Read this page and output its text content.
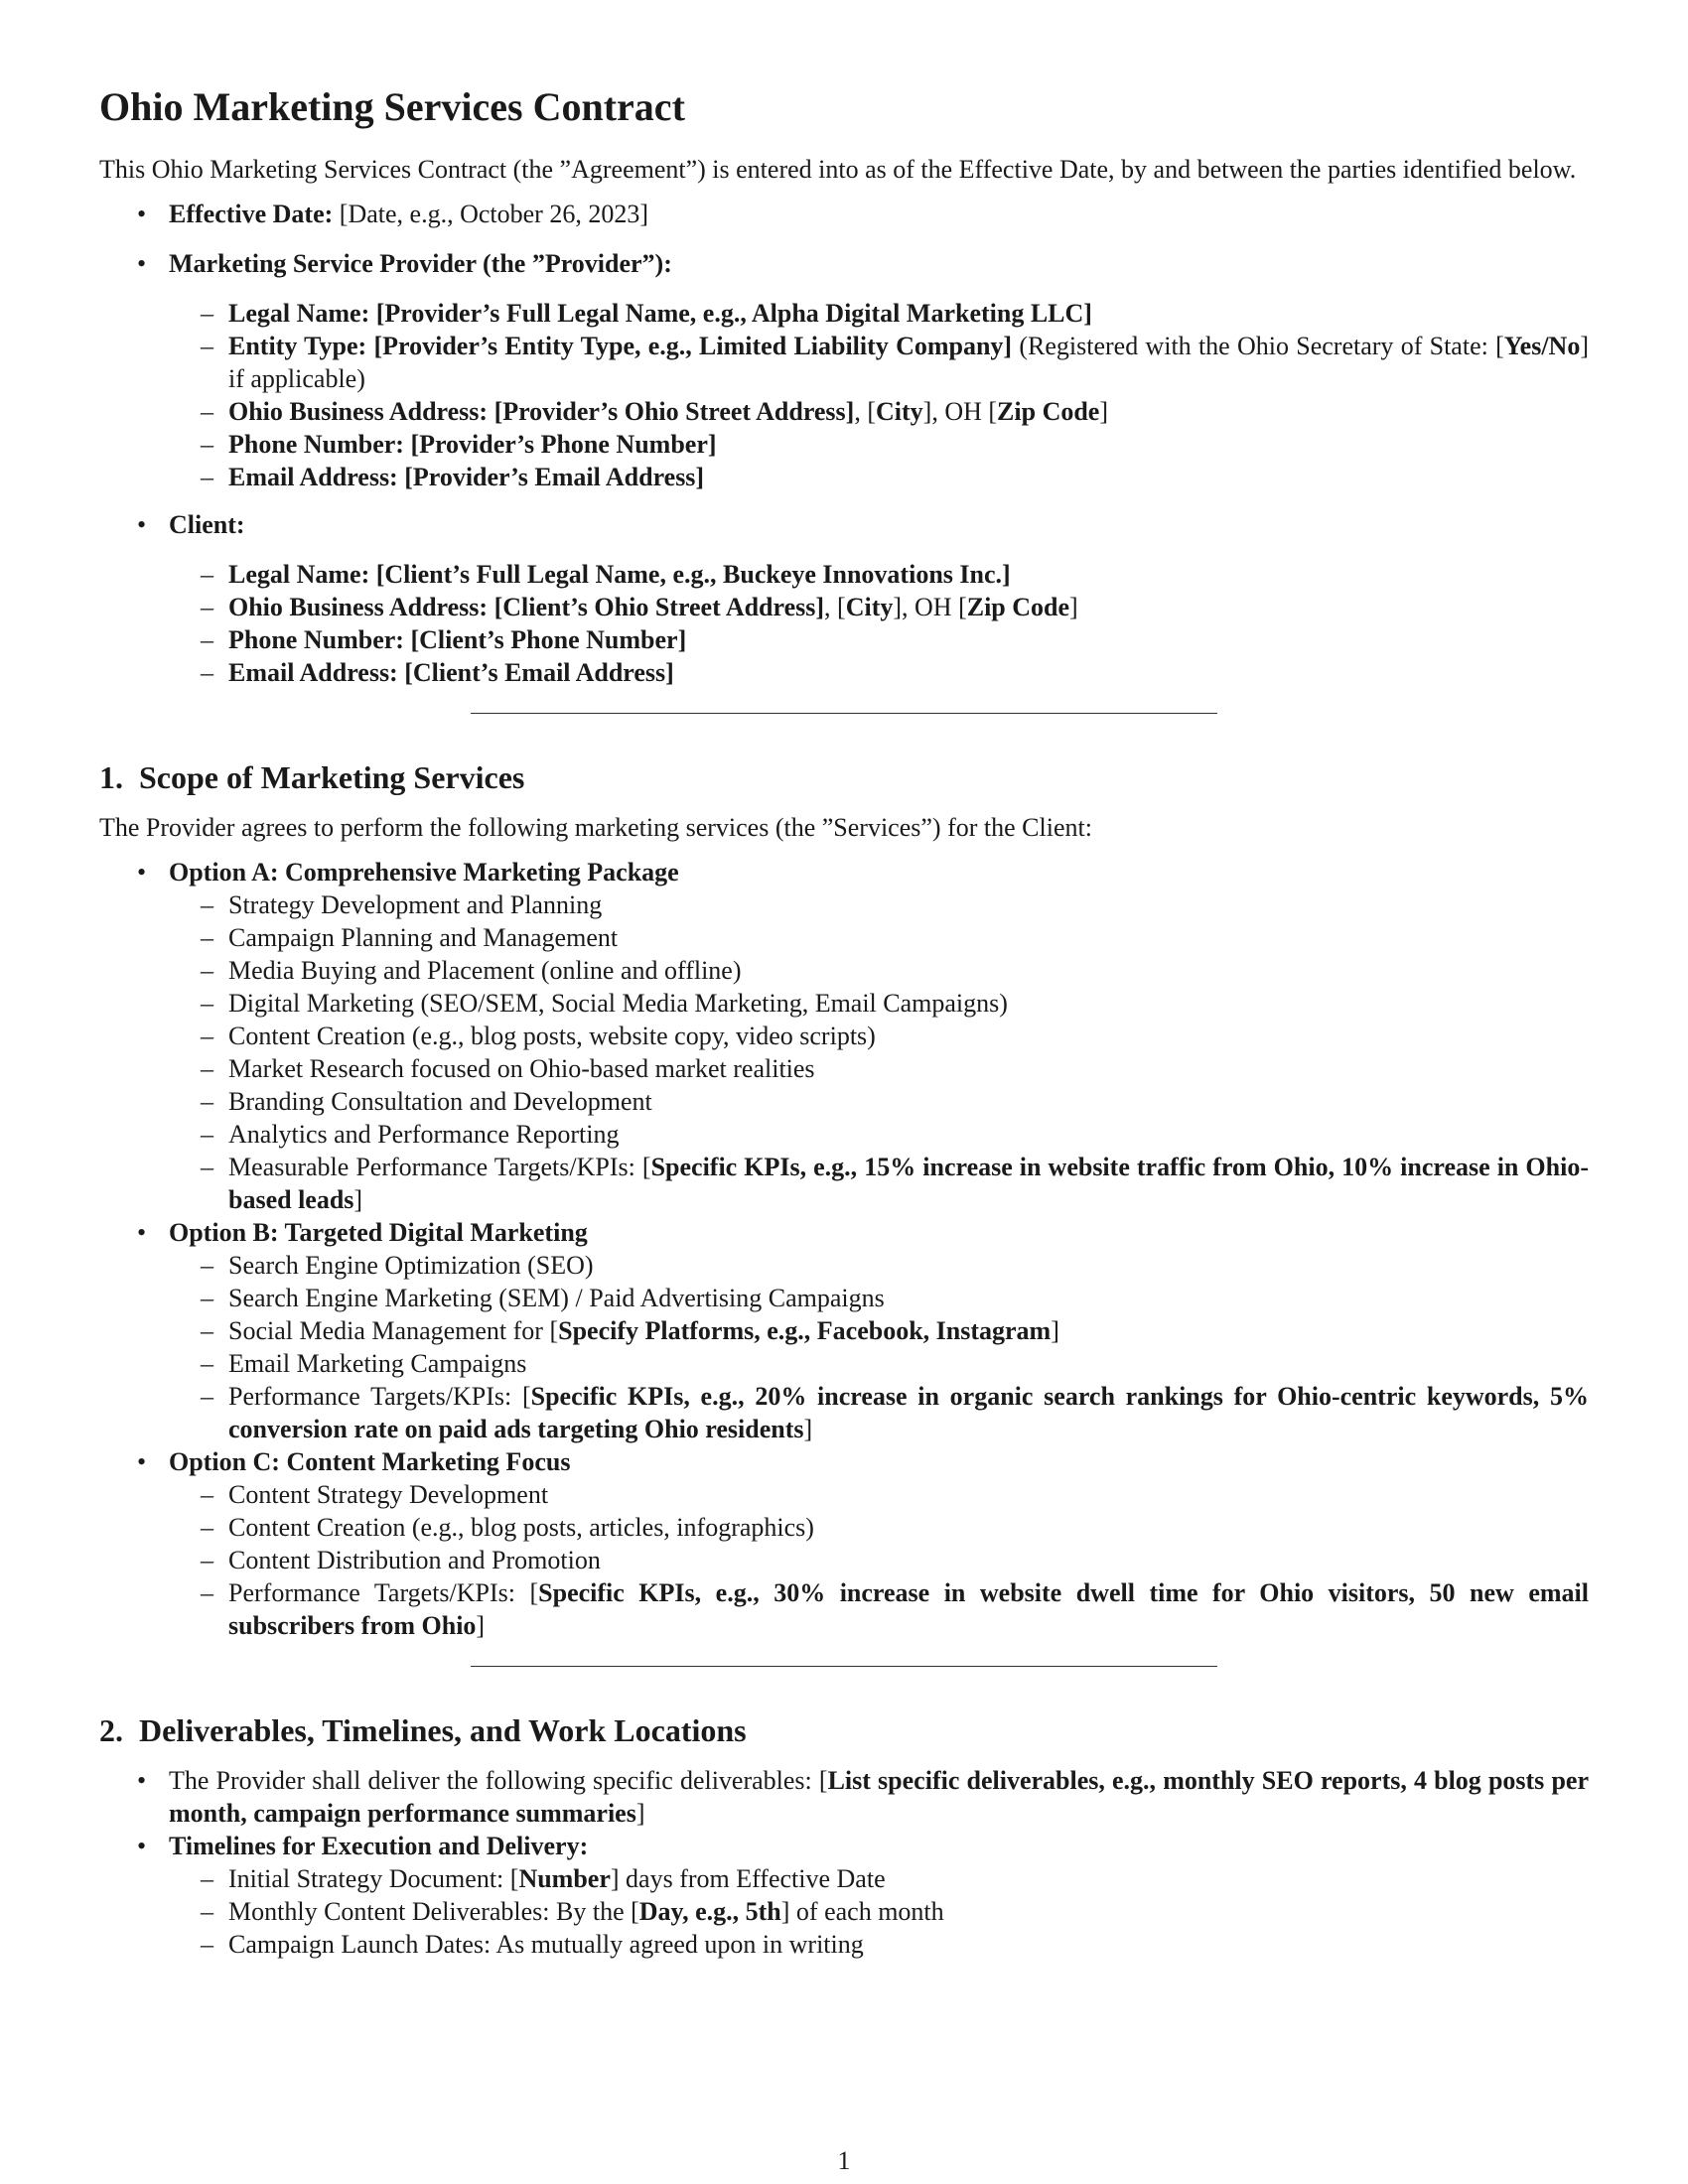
Ohio Marketing Services Contract

This Ohio Marketing Services Contract (the ”Agreement”) is entered into as of the Effective Date, by and between the parties identified below.

• Effective Date: [Date, e.g., October 26, 2023]
• Marketing Service Provider (the ”Provider”):
– Legal Name: [Provider’s Full Legal Name, e.g., Alpha Digital Marketing LLC]
– Entity Type: [Provider’s Entity Type, e.g., Limited Liability Company] (Registered with the Ohio Secretary of State: [Yes/No] if applicable)
– Ohio Business Address: [Provider’s Ohio Street Address], [City], OH [Zip Code]
– Phone Number: [Provider’s Phone Number]
– Email Address: [Provider’s Email Address]
• Client:
– Legal Name: [Client’s Full Legal Name, e.g., Buckeye Innovations Inc.]
– Ohio Business Address: [Client’s Ohio Street Address], [City], OH [Zip Code]
– Phone Number: [Client’s Phone Number]
– Email Address: [Client’s Email Address]
1. Scope of Marketing Services

The Provider agrees to perform the following marketing services (the ”Services”) for the Client:

• Option A: Comprehensive Marketing Package
– Strategy Development and Planning
– Campaign Planning and Management
– Media Buying and Placement (online and offline)
– Digital Marketing (SEO/SEM, Social Media Marketing, Email Campaigns)
– Content Creation (e.g., blog posts, website copy, video scripts)
– Market Research focused on Ohio-based market realities
– Branding Consultation and Development
– Analytics and Performance Reporting
– Measurable Performance Targets/KPIs: [Specific KPIs, e.g., 15% increase in website traffic from Ohio, 10% increase in Ohio-based leads]
• Option B: Targeted Digital Marketing
– Search Engine Optimization (SEO)
– Search Engine Marketing (SEM) / Paid Advertising Campaigns
– Social Media Management for [Specify Platforms, e.g., Facebook, Instagram]
– Email Marketing Campaigns
– Performance Targets/KPIs: [Specific KPIs, e.g., 20% increase in organic search rankings for Ohio-centric keywords, 5% conversion rate on paid ads targeting Ohio residents]
• Option C: Content Marketing Focus
– Content Strategy Development
– Content Creation (e.g., blog posts, articles, infographics)
– Content Distribution and Promotion
– Performance Targets/KPIs: [Specific KPIs, e.g., 30% increase in website dwell time for Ohio visitors, 50 new email subscribers from Ohio]
2. Deliverables, Timelines, and Work Locations
• The Provider shall deliver the following specific deliverables: [List specific deliverables, e.g., monthly SEO reports, 4 blog posts per month, campaign performance summaries]
• Timelines for Execution and Delivery:
– Initial Strategy Document: [Number] days from Effective Date
– Monthly Content Deliverables: By the [Day, e.g., 5th] of each month
– Campaign Launch Dates: As mutually agreed upon in writing
1
